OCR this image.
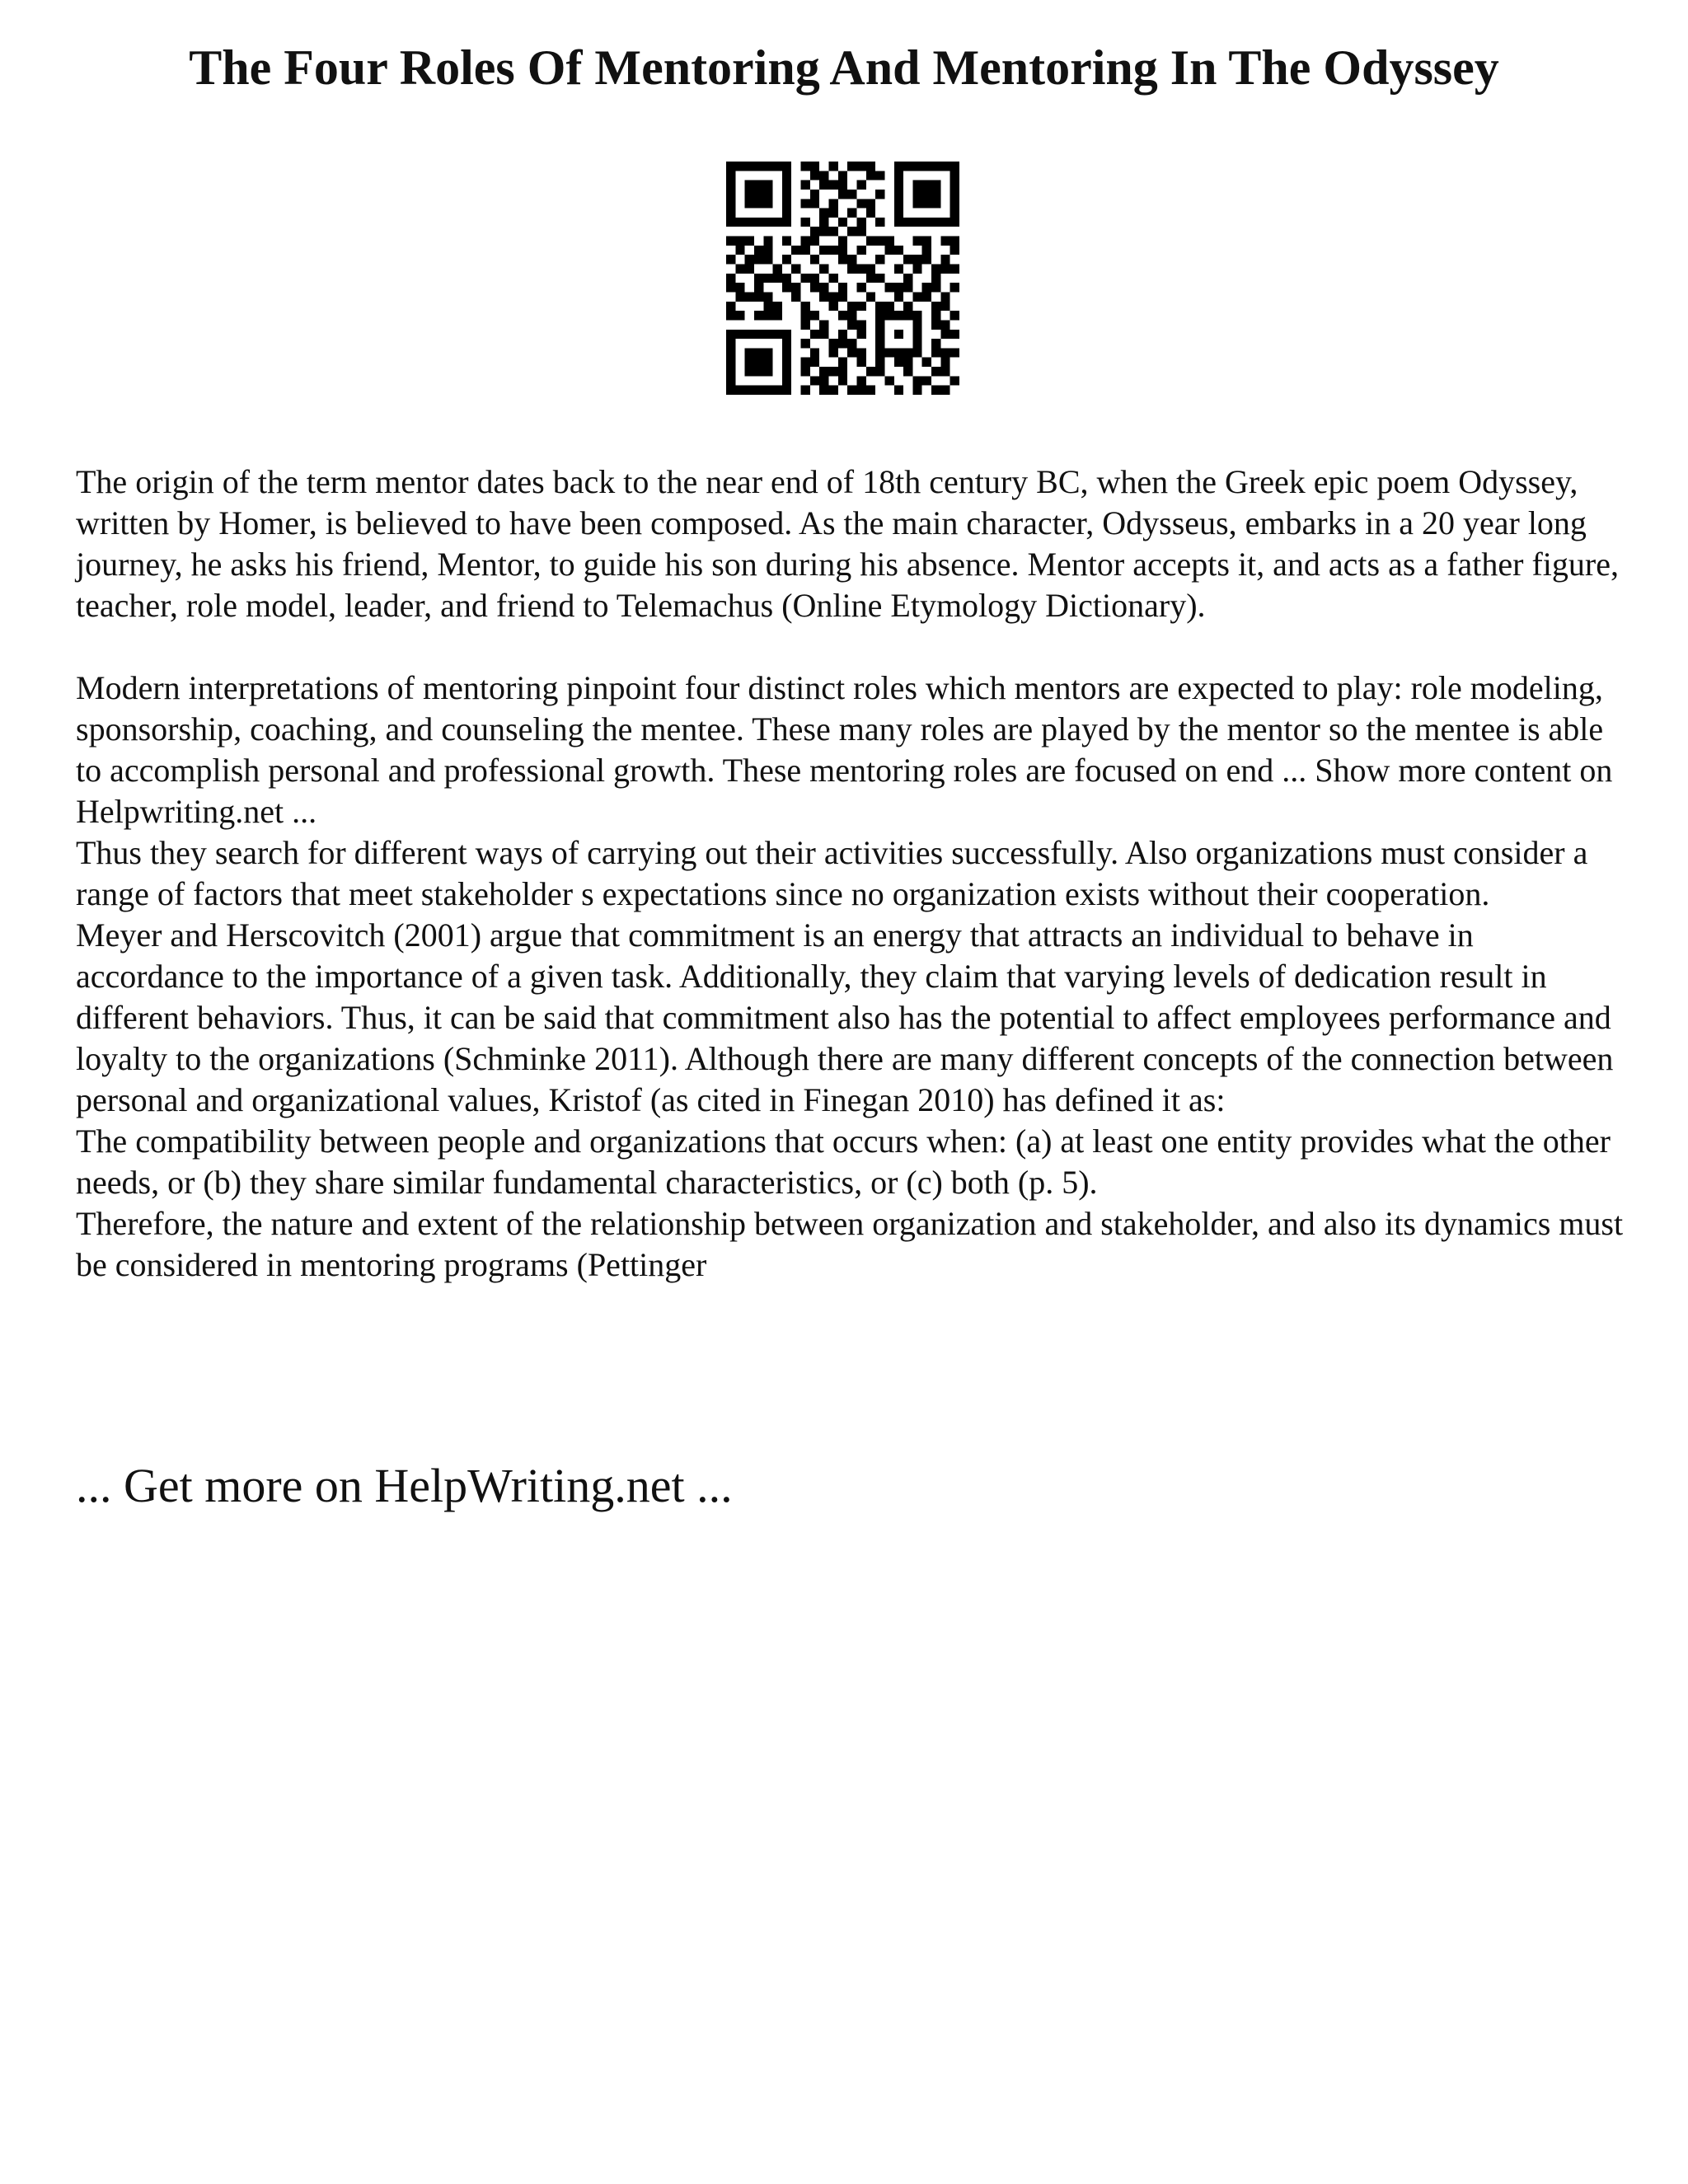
The Four Roles Of Mentoring And Mentoring In The Odyssey

The origin of the term mentor dates back to the near end of 18th century BC, when the Greek epic poem Odyssey, written by Homer, is believed to have been composed. As the main character, Odysseus, embarks in a 20 year long journey, he asks his friend, Mentor, to guide his son during his absence. Mentor accepts it, and acts as a father figure, teacher, role model, leader, and friend to Telemachus (Online Etymology Dictionary).

Modern interpretations of mentoring pinpoint four distinct roles which mentors are expected to play: role modeling, sponsorship, coaching, and counseling the mentee. These many roles are played by the mentor so the mentee is able to accomplish personal and professional growth. These mentoring roles are focused on end ... Show more content on Helpwriting.net ...

Thus they search for different ways of carrying out their activities successfully. Also organizations must consider a range of factors that meet stakeholder s expectations since no organization exists without their cooperation.

Meyer and Herscovitch (2001) argue that commitment is an energy that attracts an individual to behave in accordance to the importance of a given task. Additionally, they claim that varying levels of dedication result in different behaviors. Thus, it can be said that commitment also has the potential to affect employees performance and loyalty to the organizations (Schminke 2011). Although there are many different concepts of the connection between personal and organizational values, Kristof (as cited in Finegan 2010) has defined it as:

The compatibility between people and organizations that occurs when: (a) at least one entity provides what the other needs, or (b) they share similar fundamental characteristics, or (c) both (p. 5).

Therefore, the nature and extent of the relationship between organization and stakeholder, and also its dynamics must be considered in mentoring programs (Pettinger

... Get more on HelpWriting.net ...
